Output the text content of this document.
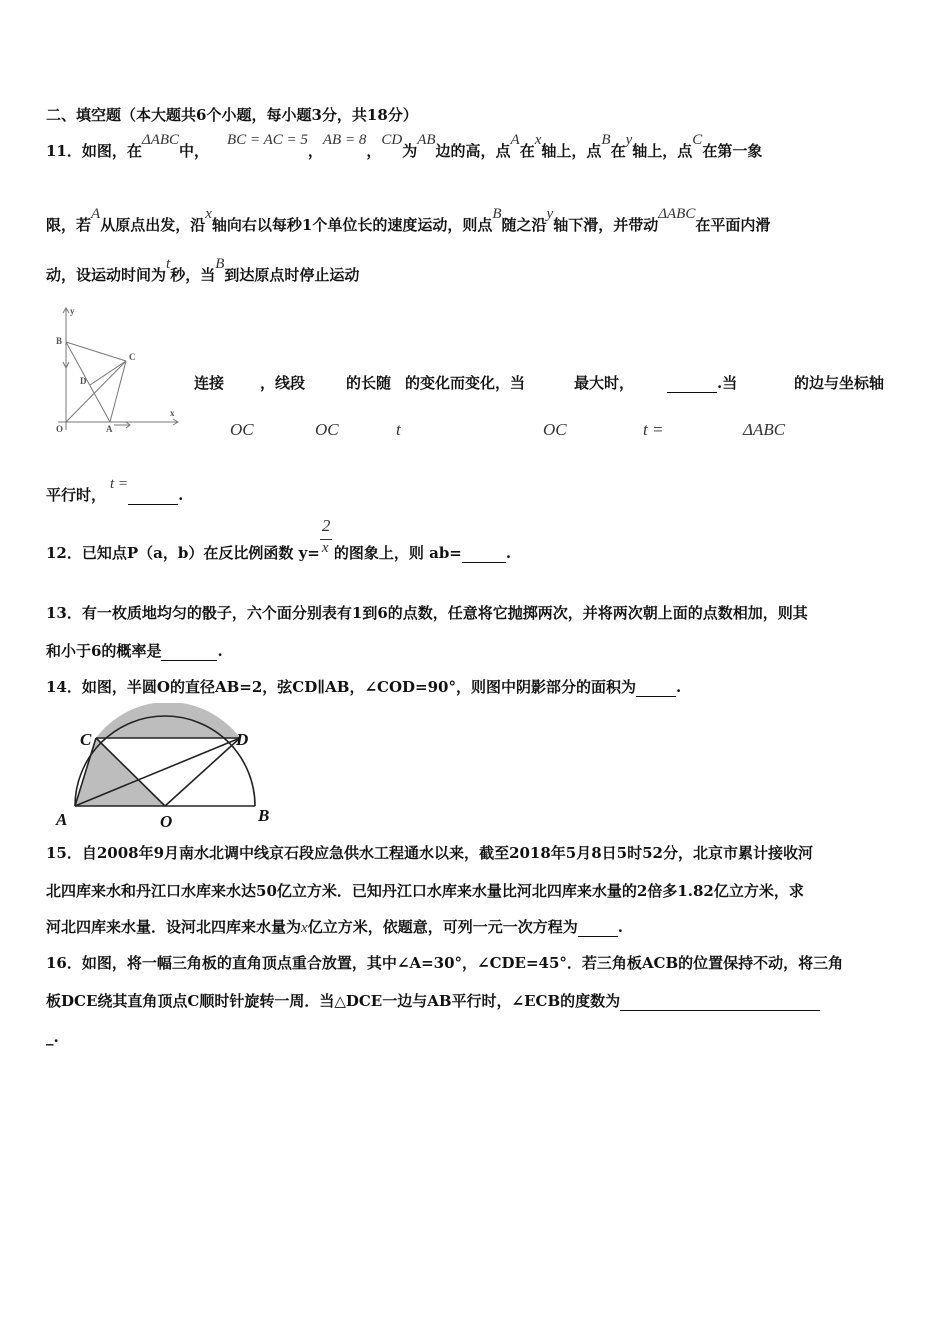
二、填空题（本大题共6个小题，每小题3分，共18分）
11．如图，在ΔABC中，BC = AC = 5，AB = 8，CD为AB边的高，点A在x轴上，点B在y轴上，点C在第一象
限，若A从原点出发，沿x轴向右以每秒1个单位长的速度运动，则点B随之沿y轴下滑，并带动ΔABC在平面内滑
动，设运动时间为t秒，当B到达原点时停止运动
B
C
D
O	A
x
y
连接 ，线段	的长随 的变化而变化，当	最大时，	.当	的边与坐标轴
OC	OC	t	OC	t =	ΔABC
平行时，t = .
12．已知点P（a，b）在反比例函数 $y= \frac{2}{x}$ 的图象上，则 ab=	.
13．有一枚质地均匀的骰子，六个面分别表有1到6的点数，任意将它抛掷两次，并将两次朝上面的点数相加，则其
和小于6的概率是	.
14．如图，半圆O的直径AB=2，弦CD∥AB，∠COD=90°，则图中阴影部分的面积为	.
C	D
A	O	B
15．自2008年9月南水北调中线京石段应急供水工程通水以来，截至2018年5月8日5时52分，北京市累计接收河
北四库来水和丹江口水库来水达50亿立方米．已知丹江口水库来水量比河北四库来水量的2倍多1.82亿立方米，求
河北四库来水量．设河北四库来水量为x亿立方米，依题意，可列一元一次方程为	.
16．如图，将一幅三角板的直角顶点重合放置，其中∠A=30°，∠CDE=45°．若三角板ACB的位置保持不动，将三角
板DCE绕其直角顶点C顺时针旋转一周．当△DCE一边与AB平行时，∠ECB的度数为
_.
